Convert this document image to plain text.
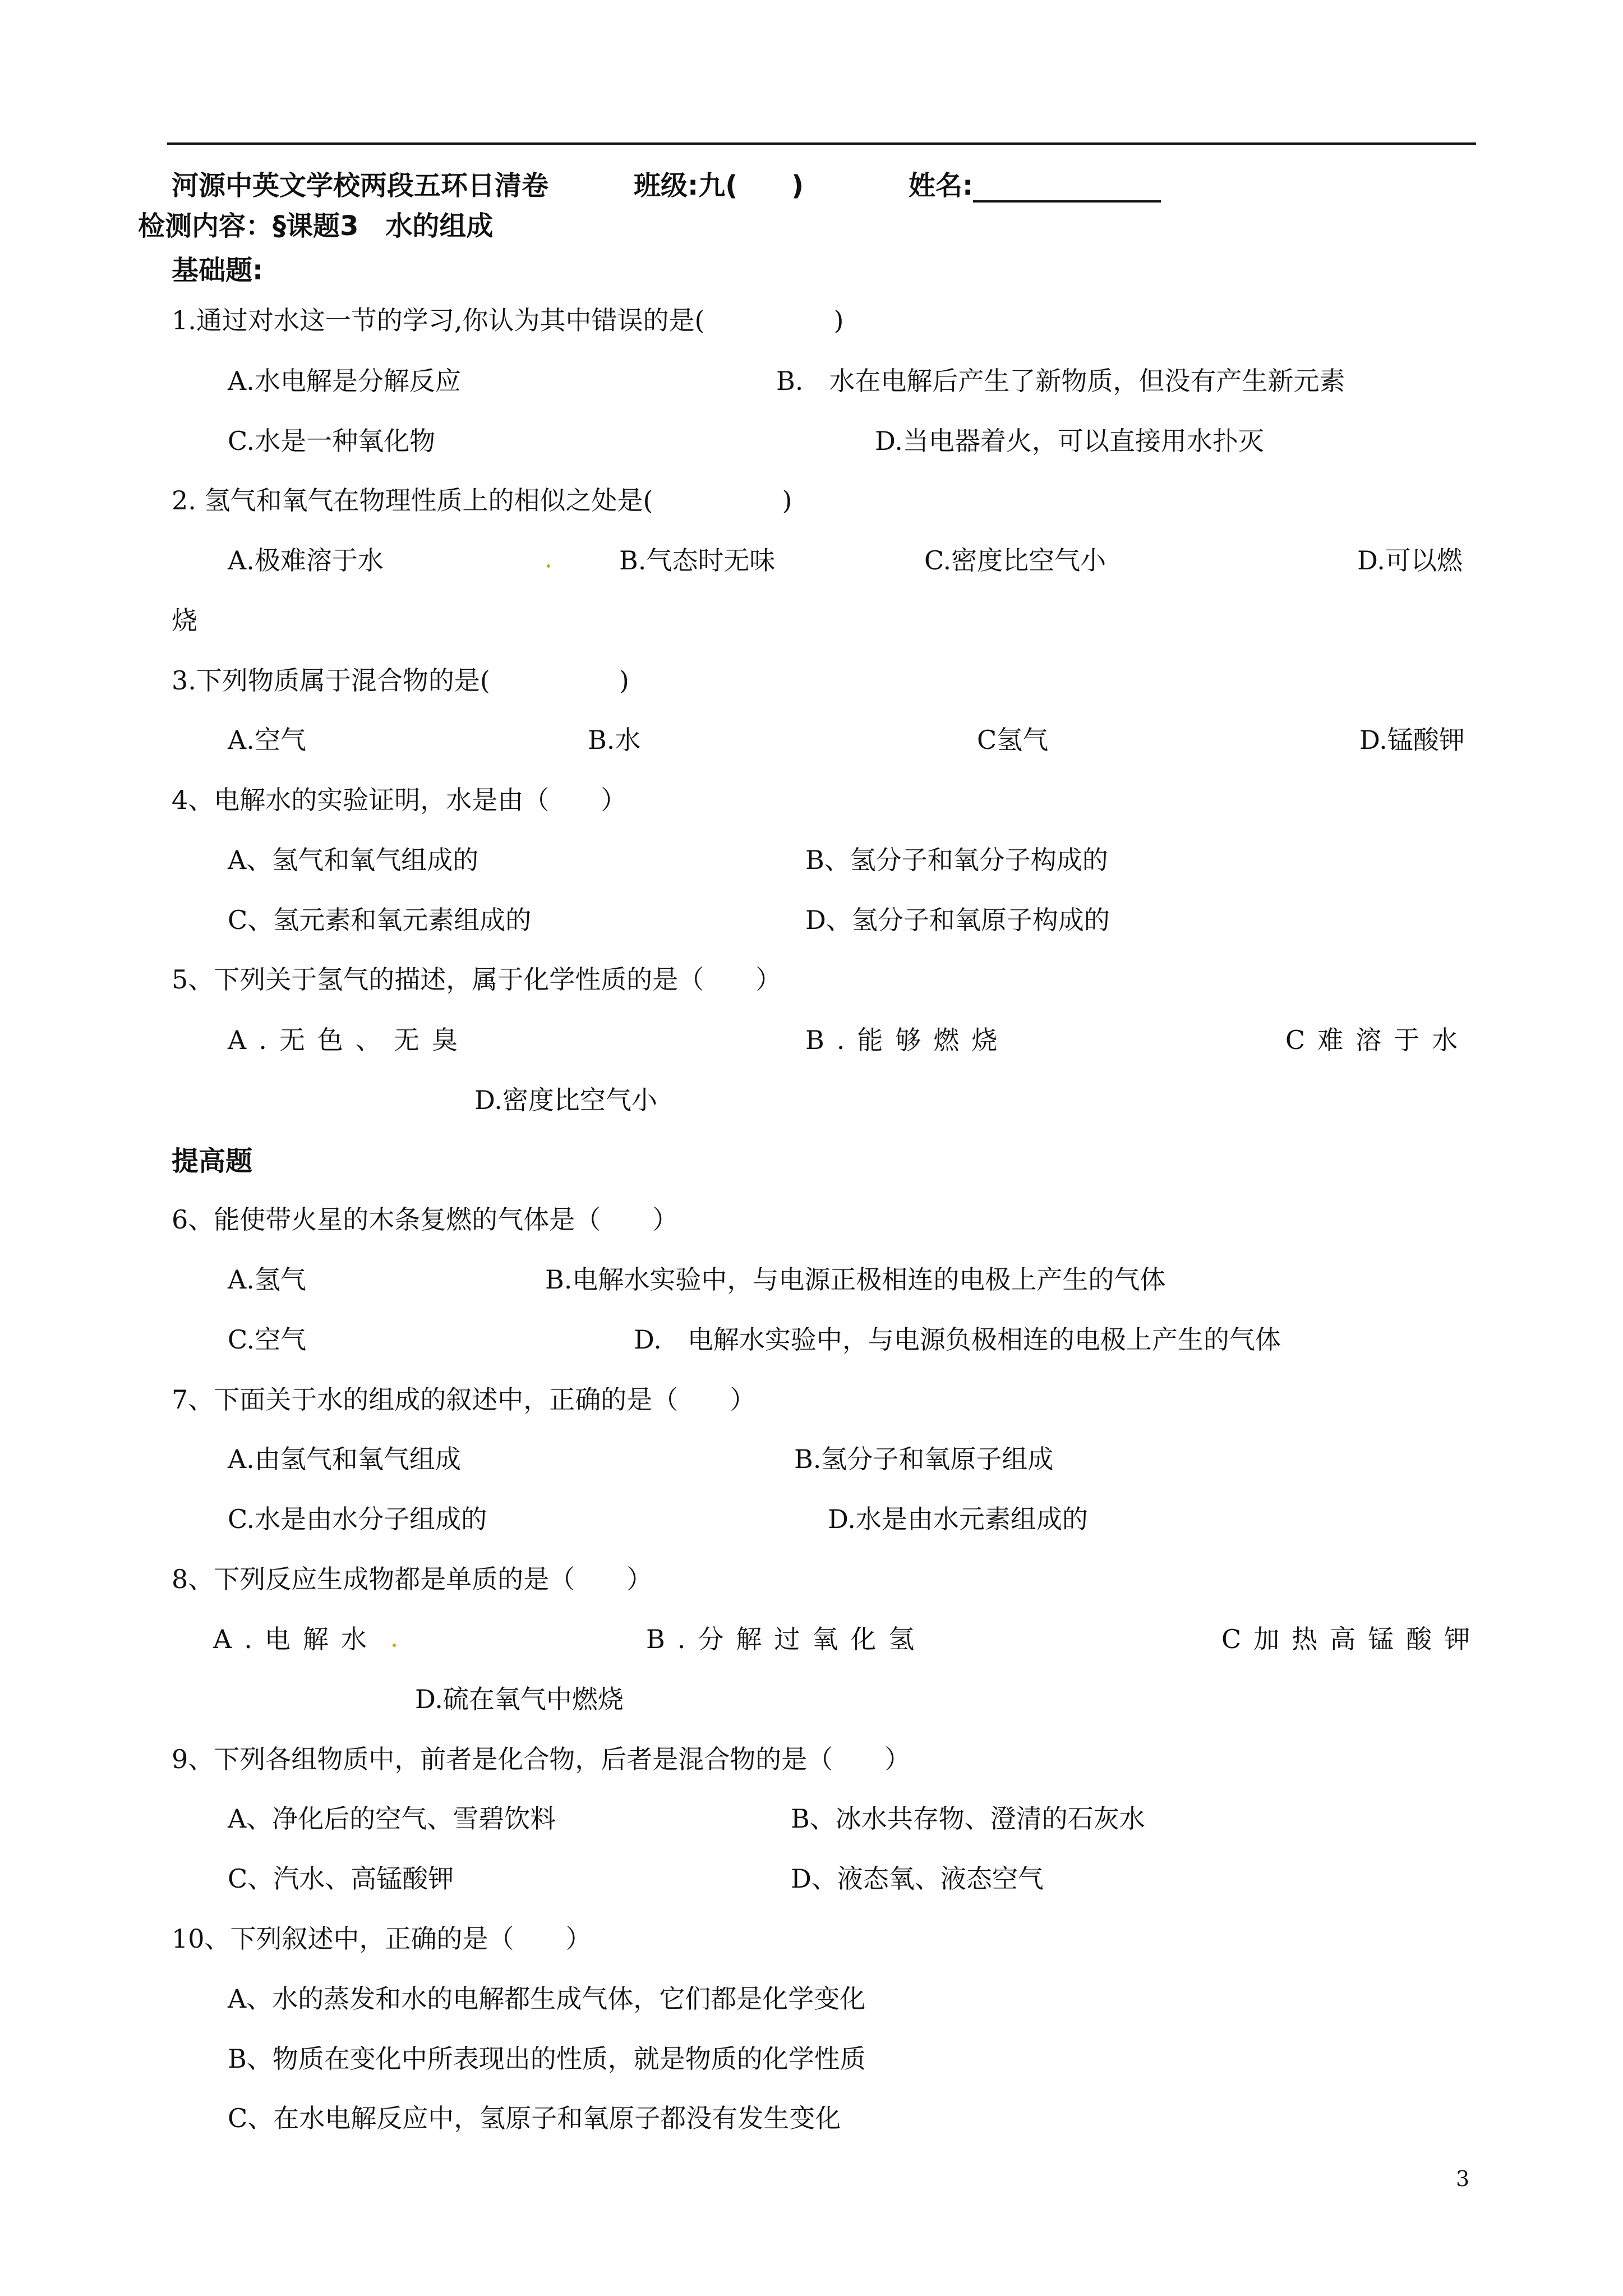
河源中英文学校两段五环日清卷	班级:九(　　)	姓名:
检测内容：§课题3　水的组成
基础题:
1.通过对水这一节的学习,你认为其中错误的是(　　　　　)
A.水电解是分解反应	B.　水在电解后产生了新物质，但没有产生新元素
C.水是一种氧化物	D.当电器着火，可以直接用水扑灭
2. 氢气和氧气在物理性质上的相似之处是(　　　　　)
A.极难溶于水	B.气态时无味	C.密度比空气小	D.可以燃
烧
3.下列物质属于混合物的是(　　　　　)
A.空气	B.水	C氢气	D.锰酸钾
4、电解水的实验证明，水是由（　　）
A、氢气和氧气组成的	B、氢分子和氧分子构成的
C、氢元素和氧元素组成的	D、氢分子和氧原子构成的
5、下列关于氢气的描述，属于化学性质的是（　　）
A.无色、无臭	B.能够燃烧	C难溶于水
D.密度比空气小
提高题
6、能使带火星的木条复燃的气体是（　　）
A.氢气	B.电解水实验中，与电源正极相连的电极上产生的气体
C.空气	D.　电解水实验中，与电源负极相连的电极上产生的气体
7、下面关于水的组成的叙述中，正确的是（　　）
A.由氢气和氧气组成	B.氢分子和氧原子组成
C.水是由水分子组成的	D.水是由水元素组成的
8、下列反应生成物都是单质的是（　　）
A.电解水	B.分解过氧化氢	C加热高锰酸钾
D.硫在氧气中燃烧
9、下列各组物质中，前者是化合物，后者是混合物的是（　　）
A、净化后的空气、雪碧饮料	B、冰水共存物、澄清的石灰水
C、汽水、高锰酸钾	D、液态氧、液态空气
10、下列叙述中，正确的是（　　）
A、水的蒸发和水的电解都生成气体，它们都是化学变化
B、物质在变化中所表现出的性质，就是物质的化学性质
C、在水电解反应中，氢原子和氧原子都没有发生变化
3
